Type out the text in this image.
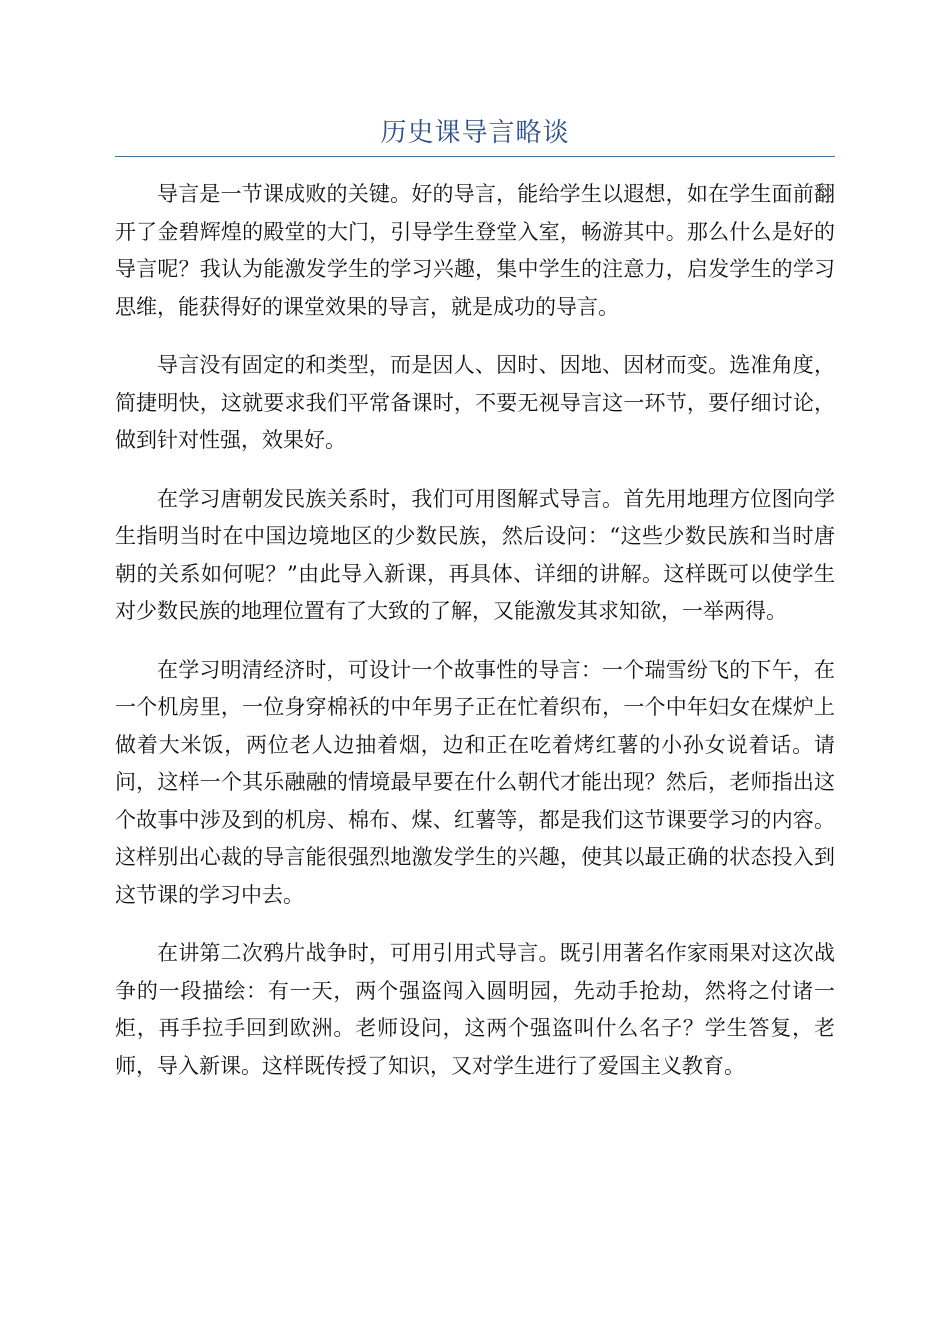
历史课导言略谈

导言是一节课成败的关键。好的导言，能给学生以遐想，如在学生面前翻开了金碧辉煌的殿堂的大门，引导学生登堂入室，畅游其中。那么什么是好的导言呢？我认为能激发学生的学习兴趣，集中学生的注意力，启发学生的学习思维，能获得好的课堂效果的导言，就是成功的导言。

导言没有固定的和类型，而是因人、因时、因地、因材而变。选准角度，简捷明快，这就要求我们平常备课时，不要无视导言这一环节，要仔细讨论，做到针对性强，效果好。

在学习唐朝发民族关系时，我们可用图解式导言。首先用地理方位图向学生指明当时在中国边境地区的少数民族，然后设问：“这些少数民族和当时唐朝的关系如何呢？”由此导入新课，再具体、详细的讲解。这样既可以使学生对少数民族的地理位置有了大致的了解，又能激发其求知欲，一举两得。

在学习明清经济时，可设计一个故事性的导言：一个瑞雪纷飞的下午，在一个机房里，一位身穿棉袄的中年男子正在忙着织布，一个中年妇女在煤炉上做着大米饭，两位老人边抽着烟，边和正在吃着烤红薯的小孙女说着话。请问，这样一个其乐融融的情境最早要在什么朝代才能出现？然后，老师指出这个故事中涉及到的机房、棉布、煤、红薯等，都是我们这节课要学习的内容。这样别出心裁的导言能很强烈地激发学生的兴趣，使其以最正确的状态投入到这节课的学习中去。

在讲第二次鸦片战争时，可用引用式导言。既引用著名作家雨果对这次战争的一段描绘：有一天，两个强盗闯入圆明园，先动手抢劫，然将之付诸一炬，再手拉手回到欧洲。老师设问，这两个强盗叫什么名子？学生答复，老师，导入新课。这样既传授了知识，又对学生进行了爱国主义教育。
